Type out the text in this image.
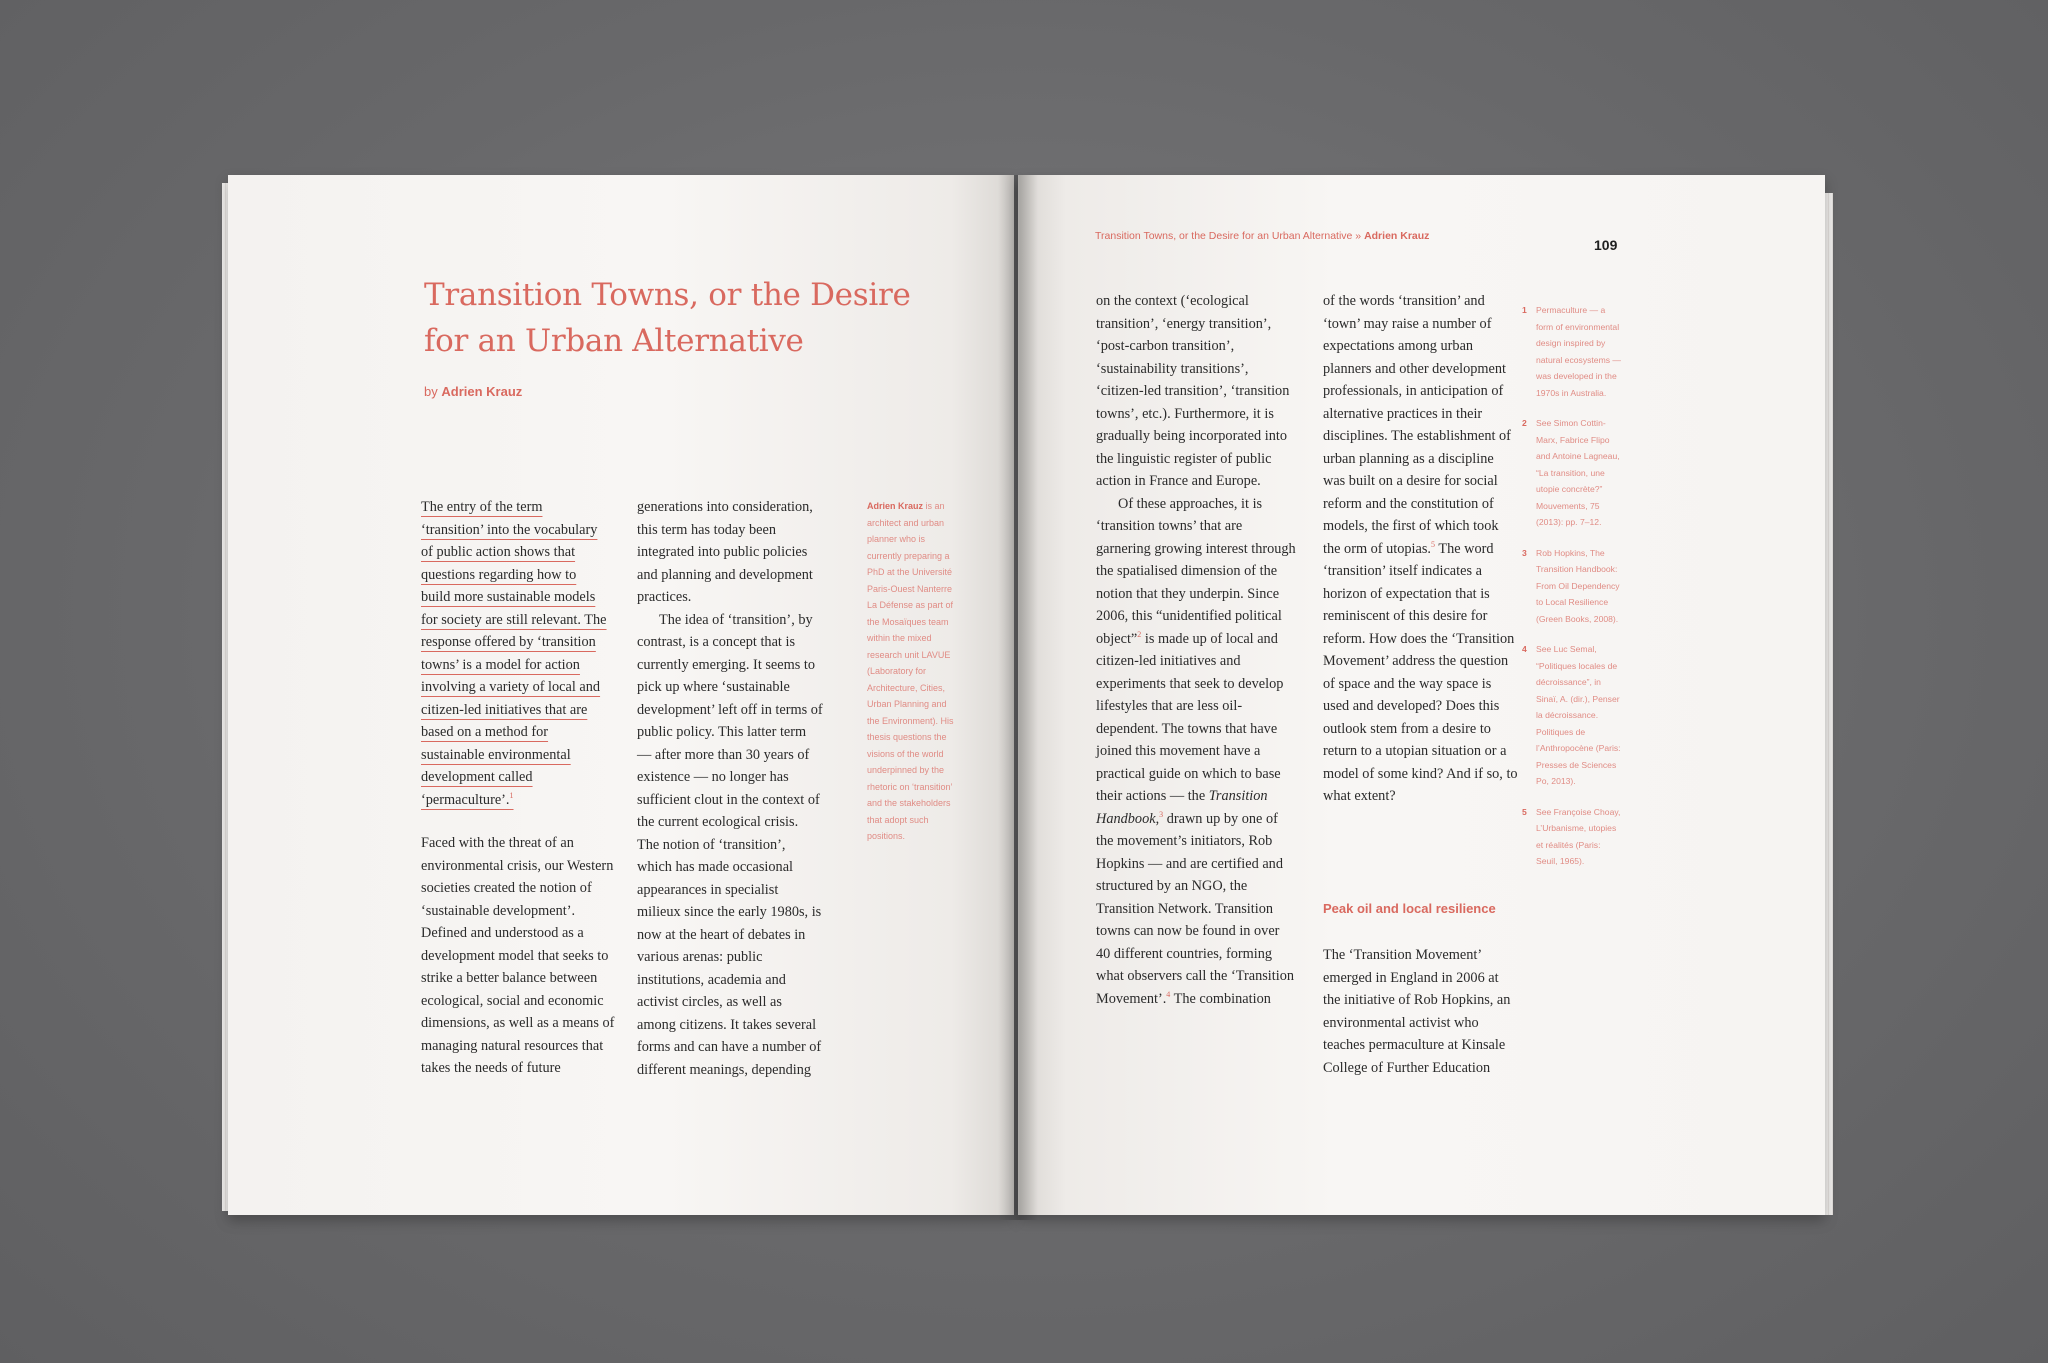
Transition Towns, or the Desire for an Urban Alternative
by Adrien Krauz

The entry of the term ‘transition’ into the vocabulary of public action shows that questions regarding how to build more sustainable models for society are still relevant. The response offered by ‘transition towns’ is a model for action involving a variety of local and citizen-led initiatives that are based on a method for sustainable environmental development called ‘permaculture’.$^1$

Faced with the threat of an environmental crisis, our Western societies created the notion of ‘sustainable development’. Defined and understood as a development model that seeks to strike a better balance between ecological, social and economic dimensions, as well as a means of managing natural resources that takes the needs of future

generations into consideration, this term has today been integrated into public policies and planning and development practices.

The idea of ‘transition’, by contrast, is a concept that is currently emerging. It seems to pick up where ‘sustainable development’ left off in terms of public policy. This latter term — after more than 30 years of existence — no longer has sufficient clout in the context of the current ecological crisis. The notion of ‘transition’, which has made occasional appearances in specialist milieux since the early 1980s, is now at the heart of debates in various arenas: public institutions, academia and activist circles, as well as among citizens. It takes several forms and can have a number of different meanings, depending

Adrien Krauz is an architect and urban planner who is currently preparing a PhD at the Université Paris-Ouest Nanterre La Défense as part of the Mosaïques team within the mixed research unit LAVUE (Laboratory for Architecture, Cities, Urban Planning and the Environment). His thesis questions the visions of the world underpinned by the rhetoric on ‘transition’ and the stakeholders that adopt such positions.
Transition Towns, or the Desire for an Urban Alternative » Adrien Krauz
109

on the context (‘ecological transition’, ‘energy transition’, ‘post-carbon transition’, ‘sustainability transitions’, ‘citizen-led transition’, ‘transition towns’, etc.). Furthermore, it is gradually being incorporated into the linguistic register of public action in France and Europe.

Of these approaches, it is ‘transition towns’ that are garnering growing interest through the spatialised dimension of the notion that they underpin. Since 2006, this “unidentified political object”$^2$ is made up of local and citizen-led initiatives and experiments that seek to develop lifestyles that are less oil-dependent. The towns that have joined this movement have a practical guide on which to base their actions — the Transition Handbook,$^3$ drawn up by one of the movement’s initiators, Rob Hopkins — and are certified and structured by an NGO, the Transition Network. Transition towns can now be found in over 40 different countries, forming what observers call the ‘Transition Movement’.$^4$ The combination

of the words ‘transition’ and ‘town’ may raise a number of expectations among urban planners and other development professionals, in anticipation of alternative practices in their disciplines. The establishment of urban planning as a discipline was built on a desire for social reform and the constitution of models, the first of which took the orm of utopias.$^5$ The word ‘transition’ itself indicates a horizon of expectation that is reminiscent of this desire for reform. How does the ‘Transition Movement’ address the question of space and the way space is used and developed? Does this outlook stem from a desire to return to a utopian situation or a model of some kind? And if so, to what extent?

Peak oil and local resilience

The ‘Transition Movement’ emerged in England in 2006 at the initiative of Rob Hopkins, an environmental activist who teaches permaculture at Kinsale College of Further Education

1	Permaculture — a form of environmental design inspired by natural ecosystems — was developed in the 1970s in Australia.
2	See Simon Cottin-Marx, Fabrice Flipo and Antoine Lagneau, “La transition, une utopie concrète?” Mouvements, 75 (2013): pp. 7–12.
3	Rob Hopkins, The Transition Handbook: From Oil Dependency to Local Resilience (Green Books, 2008).
4	See Luc Semal, “Politiques locales de décroissance”, in Sinaï, A. (dir.), Penser la décroissance. Politiques de l’Anthropocène (Paris: Presses de Sciences Po, 2013).
5	See Françoise Choay, L’Urbanisme, utopies et réalités (Paris: Seuil, 1965).
